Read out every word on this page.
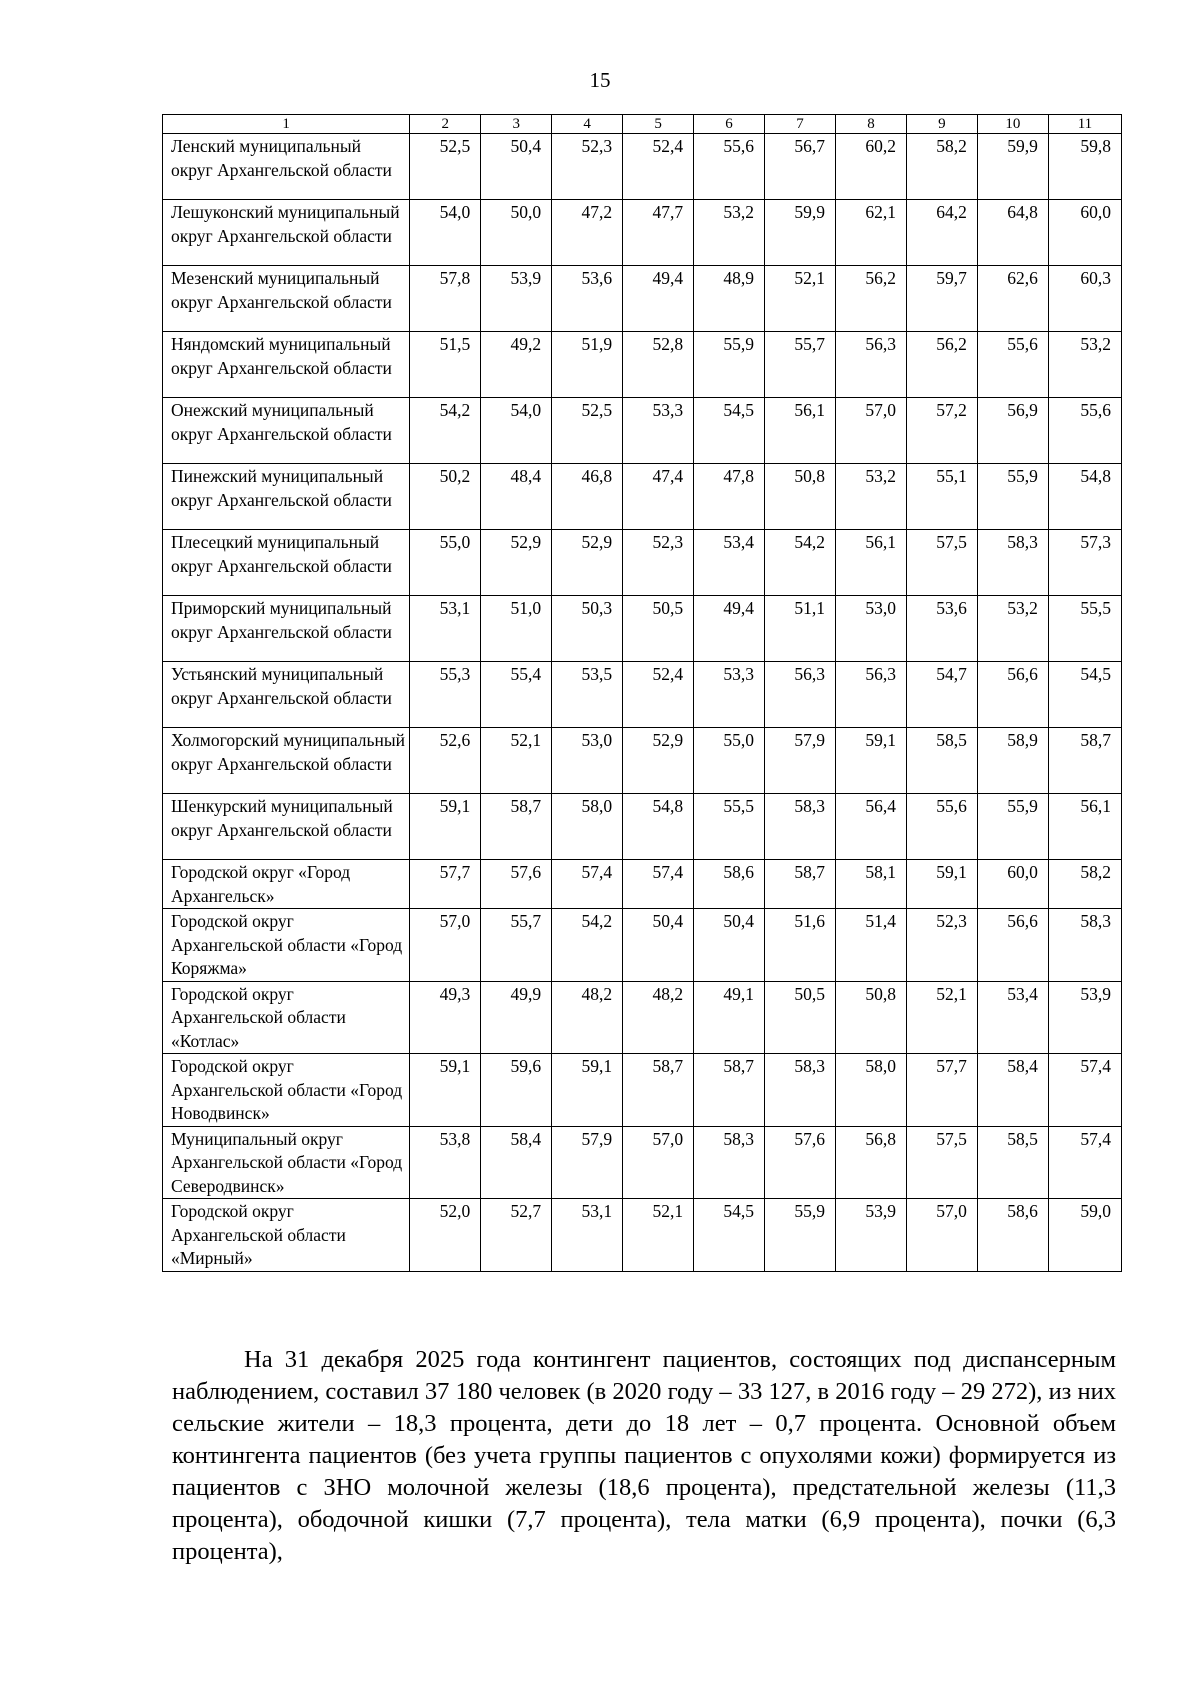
15
1	2	3	4	5	6	7	8	9	10	11
Ленский муниципальный округ Архангельской области	52,5	50,4	52,3	52,4	55,6	56,7	60,2	58,2	59,9	59,8
Лешуконский муниципальный округ Архангельской области	54,0	50,0	47,2	47,7	53,2	59,9	62,1	64,2	64,8	60,0
Мезенский муниципальный округ Архангельской области	57,8	53,9	53,6	49,4	48,9	52,1	56,2	59,7	62,6	60,3
Няндомский муниципальный округ Архангельской области	51,5	49,2	51,9	52,8	55,9	55,7	56,3	56,2	55,6	53,2
Онежский муниципальный округ Архангельской области	54,2	54,0	52,5	53,3	54,5	56,1	57,0	57,2	56,9	55,6
Пинежский муниципальный округ Архангельской области	50,2	48,4	46,8	47,4	47,8	50,8	53,2	55,1	55,9	54,8
Плесецкий муниципальный округ Архангельской области	55,0	52,9	52,9	52,3	53,4	54,2	56,1	57,5	58,3	57,3
Приморский муниципальный округ Архангельской области	53,1	51,0	50,3	50,5	49,4	51,1	53,0	53,6	53,2	55,5
Устьянский муниципальный округ Архангельской области	55,3	55,4	53,5	52,4	53,3	56,3	56,3	54,7	56,6	54,5
Холмогорский муниципальный округ Архангельской области	52,6	52,1	53,0	52,9	55,0	57,9	59,1	58,5	58,9	58,7
Шенкурский муниципальный округ Архангельской области	59,1	58,7	58,0	54,8	55,5	58,3	56,4	55,6	55,9	56,1
Городской округ «Город Архангельск»	57,7	57,6	57,4	57,4	58,6	58,7	58,1	59,1	60,0	58,2
Городской округ Архангельской области «Город Коряжма»	57,0	55,7	54,2	50,4	50,4	51,6	51,4	52,3	56,6	58,3
Городской округ Архангельской области «Котлас»	49,3	49,9	48,2	48,2	49,1	50,5	50,8	52,1	53,4	53,9
Городской округ Архангельской области «Город Новодвинск»	59,1	59,6	59,1	58,7	58,7	58,3	58,0	57,7	58,4	57,4
Муниципальный округ Архангельской области «Город Северодвинск»	53,8	58,4	57,9	57,0	58,3	57,6	56,8	57,5	58,5	57,4
Городской округ Архангельской области «Мирный»	52,0	52,7	53,1	52,1	54,5	55,9	53,9	57,0	58,6	59,0

На 31 декабря 2025 года контингент пациентов, состоящих под диспансерным наблюдением, составил 37 180 человек (в 2020 году – 33 127, в 2016 году – 29 272), из них сельские жители – 18,3 процента, дети до 18 лет – 0,7 процента. Основной объем контингента пациентов (без учета группы пациентов с опухолями кожи) формируется из пациентов с ЗНО молочной железы (18,6 процента), предстательной железы (11,3 процента), ободочной кишки (7,7 процента), тела матки (6,9 процента), почки (6,3 процента),
